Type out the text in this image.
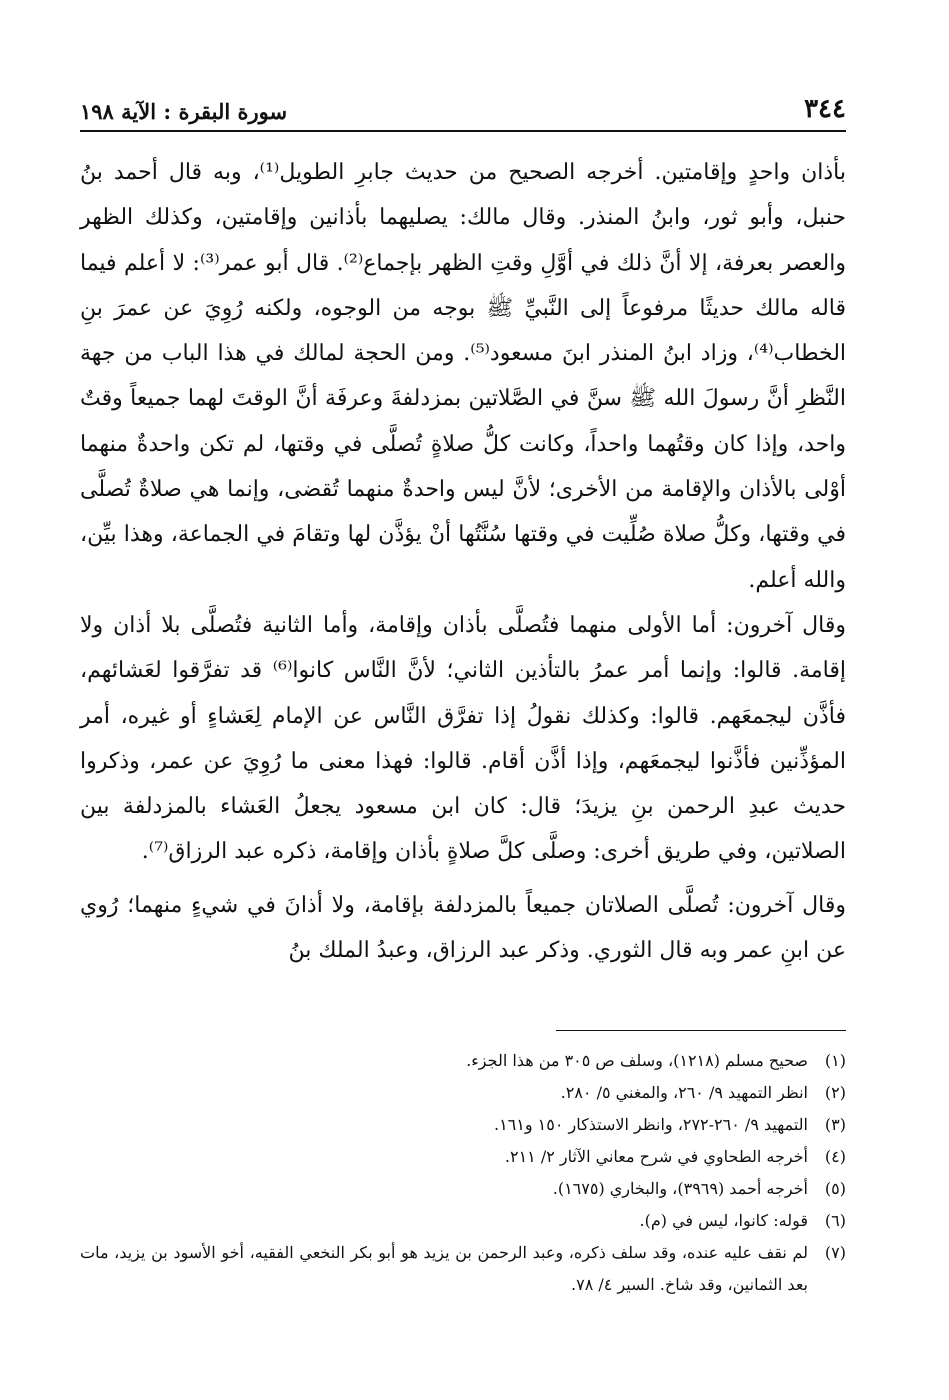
٣٤٤
سورة البقرة : الآية ١٩٨

بأذان واحدٍ وإقامتين. أخرجه الصحيح من حديث جابرِ الطويل⁽¹⁾، وبه قال أحمد بنُ حنبل، وأبو ثور، وابنُ المنذر. وقال مالك: يصليهما بأذانين وإقامتين، وكذلك الظهر والعصر بعرفة، إلا أنَّ ذلك في أوَّلِ وقتِ الظهر بإجماع⁽²⁾. قال أبو عمر⁽³⁾: لا أعلم فيما قاله مالك حديثًا مرفوعاً إلى النَّبيِّ ﷺ بوجه من الوجوه، ولكنه رُوِيَ عن عمرَ بنِ الخطاب⁽⁴⁾، وزاد ابنُ المنذر ابنَ مسعود⁽⁵⁾. ومن الحجة لمالك في هذا الباب من جهة النَّظرِ أنَّ رسولَ الله ﷺ سنَّ في الصَّلاتين بمزدلفةَ وعرفَة أنَّ الوقتَ لهما جميعاً وقتٌ واحد، وإذا كان وقتُهما واحداً، وكانت كلُّ صلاةٍ تُصلَّى في وقتها، لم تكن واحدةٌ منهما أوْلى بالأذان والإقامة من الأخرى؛ لأنَّ ليس واحدةٌ منهما تُقضى، وإنما هي صلاةٌ تُصلَّى في وقتها، وكلُّ صلاة صُلِّيت في وقتها سُنَّتُها أنْ يؤذَّن لها وتقامَ في الجماعة، وهذا بيِّن، والله أعلم.

وقال آخرون: أما الأولى منهما فتُصلَّى بأذان وإقامة، وأما الثانية فتُصلَّى بلا أذان ولا إقامة. قالوا: وإنما أمر عمرُ بالتأذين الثاني؛ لأنَّ النَّاس كانوا⁽⁶⁾ قد تفرَّقوا لعَشائهم، فأذَّن ليجمعَهم. قالوا: وكذلك نقولُ إذا تفرَّق النَّاس عن الإمام لِعَشاءٍ أو غيره، أمر المؤذِّنين فأذَّنوا ليجمعَهم، وإذا أذَّن أقام. قالوا: فهذا معنى ما رُوِيَ عن عمر، وذكروا حديث عبدِ الرحمن بنِ يزيدَ؛ قال: كان ابن مسعود يجعلُ العَشاء بالمزدلفة بين الصلاتين، وفي طريق أخرى: وصلَّى كلَّ صلاةٍ بأذان وإقامة، ذكره عبد الرزاق⁽⁷⁾.

وقال آخرون: تُصلَّى الصلاتان جميعاً بالمزدلفة بإقامة، ولا أذانَ في شيءٍ منهما؛ رُوي عن ابنِ عمر وبه قال الثوري. وذكر عبد الرزاق، وعبدُ الملك بنُ

(١)
صحيح مسلم (١٢١٨)، وسلف ص ٣٠٥ من هذا الجزء.
(٢)
انظر التمهيد ٩/ ٢٦٠، والمغني ٥/ ٢٨٠.
(٣)
التمهيد ٩/ ٢٦٠-٢٧٢، وانظر الاستذكار ١٥٠ و١٦١.
(٤)
أخرجه الطحاوي في شرح معاني الآثار ٢/ ٢١١.
(٥)
أخرجه أحمد (٣٩٦٩)، والبخاري (١٦٧٥).
(٦)
قوله: كانوا، ليس في (م).
(٧)
لم نقف عليه عنده، وقد سلف ذكره، وعبد الرحمن بن يزيد هو أبو بكر النخعي الفقيه، أخو الأسود بن يزيد، مات بعد الثمانين، وقد شاخ. السير ٤/ ٧٨.
